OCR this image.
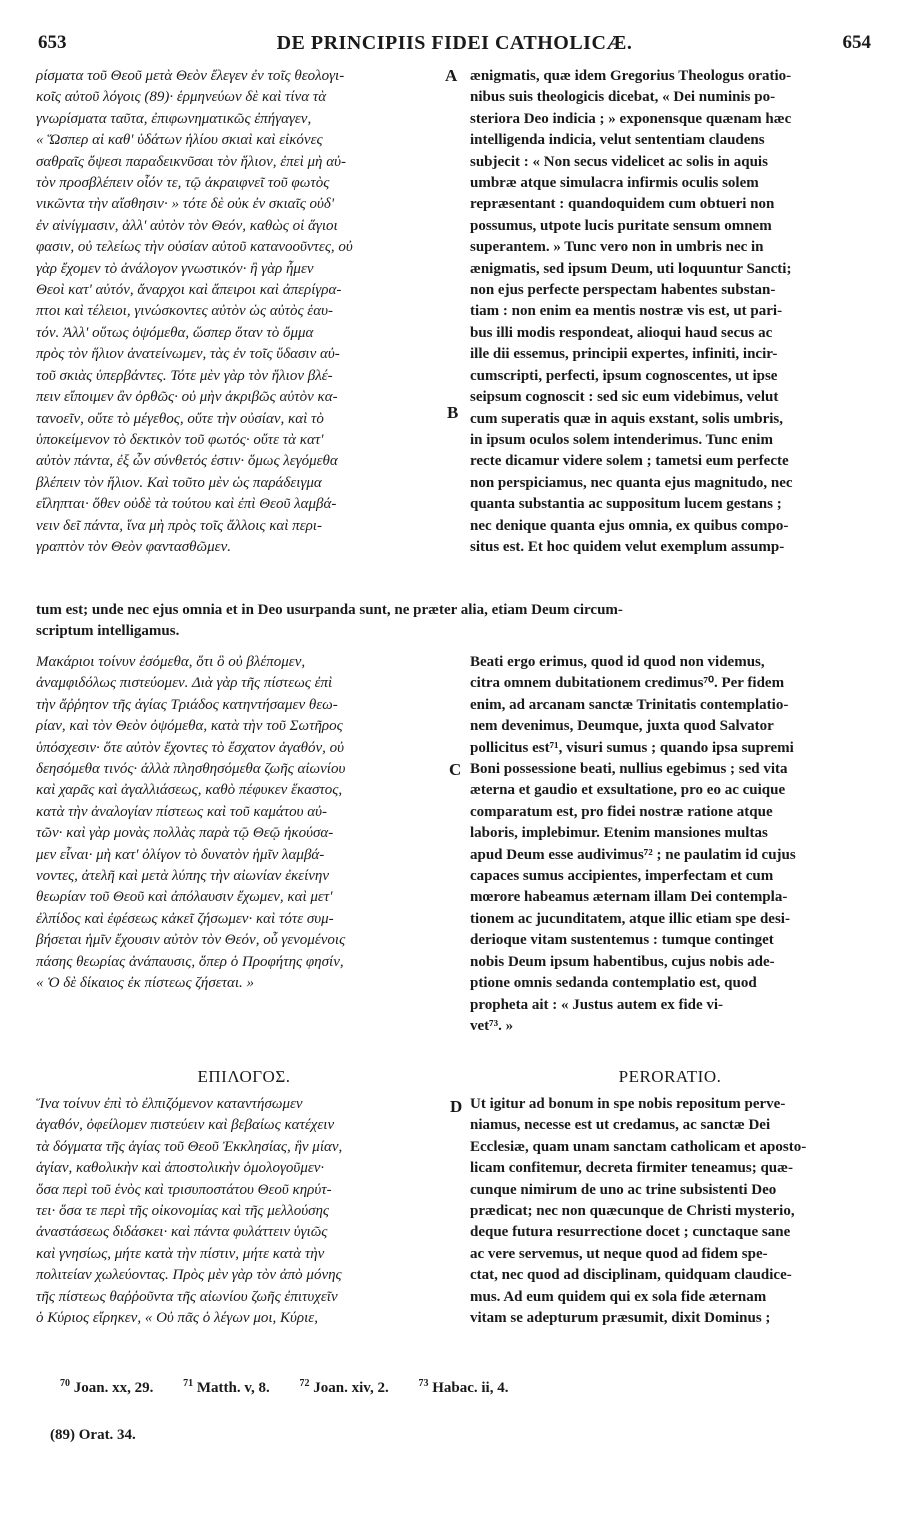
653	DE PRINCIPIIS FIDEI CATHOLICÆ.	654

ρίσματα τοῦ Θεοῦ μετὰ Θεὸν ἔλεγεν ἐν τοῖς θεολογι-
κοῖς αὐτοῦ λόγοις (89)· ἑρμηνεύων δὲ καὶ τίνα τὰ
γνωρίσματα ταῦτα, ἐπιφωνηματικῶς ἐπήγαγεν,
« Ὥσπερ αἱ καθ' ὑδάτων ἡλίου σκιαὶ καὶ εἰκόνες
σαθραῖς ὄψεσι παραδεικνῦσαι τὸν ἥλιον, ἐπεὶ μὴ αὐ-
τὸν προσβλέπειν οἷόν τε, τῷ ἀκραιφνεῖ τοῦ φωτὸς
νικῶντα τὴν αἴσθησιν· » τότε δὲ οὐκ ἐν σκιαῖς οὐδ'
ἐν αἰνίγμασιν, ἀλλ' αὐτὸν τὸν Θεόν, καθὼς οἱ ἅγιοι
φασιν, οὐ τελείως τὴν οὐσίαν αὐτοῦ κατανοοῦντες, οὐ
γὰρ ἔχομεν τὸ ἀνάλογον γνωστικόν· ἢ γὰρ ἦμεν
Θεοὶ κατ' αὐτόν, ἄναρχοι καὶ ἄπειροι καὶ ἀπερίγρα-
πτοι καὶ τέλειοι, γινώσκοντες αὐτὸν ὡς αὐτὸς ἑαυ-
τόν. Ἀλλ' οὕτως ὀψόμεθα, ὥσπερ ὅταν τὸ ὄμμα
πρὸς τὸν ἥλιον ἀνατείνωμεν, τὰς ἐν τοῖς ὕδασιν αὐ-
τοῦ σκιὰς ὑπερβάντες. Τότε μὲν γὰρ τὸν ἥλιον βλέ-
πειν εἴποιμεν ἂν ὀρθῶς· οὐ μὴν ἀκριβῶς αὐτὸν κα-
τανοεῖν, οὔτε τὸ μέγεθος, οὔτε τὴν οὐσίαν, καὶ τὸ
ὑποκείμενον τὸ δεκτικὸν τοῦ φωτός· οὔτε τὰ κατ'
αὐτὸν πάντα, ἐξ ὧν σύνθετός ἐστιν· ὅμως λεγόμεθα
βλέπειν τὸν ἥλιον. Καὶ τοῦτο μὲν ὡς παράδειγμα
εἴληπται· ὅθεν οὐδὲ τὰ τούτου καὶ ἐπὶ Θεοῦ λαμβά-
νειν δεῖ πάντα, ἵνα μὴ πρὸς τοῖς ἄλλοις καὶ περι-
γραπτὸν τὸν Θεὸν φαντασθῶμεν.

ænigmatis, quæ idem Gregorius Theologus oratio-
nibus suis theologicis dicebat, « Dei numinis po-
steriora Deo indicia ; » exponensque quænam hæc
intelligenda indicia, velut sententiam claudens
subjecit : « Non secus videlicet ac solis in aquis
umbræ atque simulacra infirmis oculis solem
repræsentant : quandoquidem cum obtueri non
possumus, utpote lucis puritate sensum omnem
superantem. » Tunc vero non in umbris nec in
ænigmatis, sed ipsum Deum, uti loquuntur Sancti;
non ejus perfecte perspectam habentes substan-
tiam : non enim ea mentis nostræ vis est, ut pari-
bus illi modis respondeat, alioqui haud secus ac
ille dii essemus, principii expertes, infiniti, incir-
cumscripti, perfecti, ipsum cognoscentes, ut ipse
seipsum cognoscit : sed sic eum videbimus, velut
cum superatis quæ in aquis exstant, solis umbris,
in ipsum oculos solem intenderimus. Tunc enim
recte dicamur videre solem ; tametsi eum perfecte
non perspiciamus, nec quanta ejus magnitudo, nec
quanta substantia ac suppositum lucem gestans ;
nec denique quanta ejus omnia, ex quibus compo-
situs est. Et hoc quidem velut exemplum assump-

A
B

tum est; unde nec ejus omnia et in Deo usurpanda sunt, ne præter alia, etiam Deum circum-
scriptum intelligamus.

Μακάριοι τοίνυν ἐσόμεθα, ὅτι ὃ οὐ βλέπομεν,
ἀναμφιδόλως πιστεύομεν. Διὰ γὰρ τῆς πίστεως ἐπὶ
τὴν ἄῤῥητον τῆς ἁγίας Τριάδος κατηντήσαμεν θεω-
ρίαν, καὶ τὸν Θεὸν ὀψόμεθα, κατὰ τὴν τοῦ Σωτῆρος
ὑπόσχεσιν· ὅτε αὐτὸν ἔχοντες τὸ ἔσχατον ἀγαθόν, οὐ
δεησόμεθα τινός· ἀλλὰ πλησθησόμεθα ζωῆς αἰωνίου
καὶ χαρᾶς καὶ ἀγαλλιάσεως, καθὸ πέφυκεν ἕκαστος,
κατὰ τὴν ἀναλογίαν πίστεως καὶ τοῦ καμάτου αὐ-
τῶν· καὶ γὰρ μονὰς πολλὰς παρὰ τῷ Θεῷ ἠκούσα-
μεν εἶναι· μὴ κατ' ὀλίγον τὸ δυνατὸν ἡμῖν λαμβά-
νοντες, ἀτελῆ καὶ μετὰ λύπης τὴν αἰωνίαν ἐκείνην
θεωρίαν τοῦ Θεοῦ καὶ ἀπόλαυσιν ἔχωμεν, καὶ μετ'
ἐλπίδος καὶ ἐφέσεως κἀκεῖ ζήσωμεν· καὶ τότε συμ-
βήσεται ἡμῖν ἔχουσιν αὐτὸν τὸν Θεόν, οὗ γενομένοις
πάσης θεωρίας ἀνάπαυσις, ὅπερ ὁ Προφήτης φησίν,
« Ὁ δὲ δίκαιος ἐκ πίστεως ζήσεται. »

Beati ergo erimus, quod id quod non videmus,
citra omnem dubitationem credimus⁷⁰. Per fidem
enim, ad arcanam sanctæ Trinitatis contemplatio-
nem devenimus, Deumque, juxta quod Salvator
pollicitus est⁷¹, visuri sumus ; quando ipsa supremi
Boni possessione beati, nullius egebimus ; sed vita
æterna et gaudio et exsultatione, pro eo ac cuique
comparatum est, pro fidei nostræ ratione atque
laboris, implebimur. Etenim mansiones multas
apud Deum esse audivimus⁷² ; ne paulatim id cujus
capaces sumus accipientes, imperfectam et cum
mœrore habeamus æternam illam Dei contempla-
tionem ac jucunditatem, atque illic etiam spe desi-
derioque vitam sustentemus : tumque continget
nobis Deum ipsum habentibus, cujus nobis ade-
ptione omnis sedanda contemplatio est, quod
propheta ait : « Justus autem ex fide vi-
vet⁷³. »

C
ΕΠΙΛΟΓΟΣ.	PERORATIO.

Ἵνα τοίνυν ἐπὶ τὸ ἐλπιζόμενον καταντήσωμεν
ἀγαθόν, ὀφείλομεν πιστεύειν καὶ βεβαίως κατέχειν
τὰ δόγματα τῆς ἁγίας τοῦ Θεοῦ Ἐκκλησίας, ἣν μίαν,
ἁγίαν, καθολικὴν καὶ ἀποστολικὴν ὁμολογοῦμεν·
ὅσα περὶ τοῦ ἑνὸς καὶ τρισυποστάτου Θεοῦ κηρύτ-
τει· ὅσα τε περὶ τῆς οἰκονομίας καὶ τῆς μελλούσης
ἀναστάσεως διδάσκει· καὶ πάντα φυλάττειν ὑγιῶς
καὶ γνησίως, μήτε κατὰ τὴν πίστιν, μήτε κατὰ τὴν
πολιτείαν χωλεύοντας. Πρὸς μὲν γὰρ τὸν ἀπὸ μόνης
τῆς πίστεως θαῤῥοῦντα τῆς αἰωνίου ζωῆς ἐπιτυχεῖν
ὁ Κύριος εἴρηκεν, « Οὐ πᾶς ὁ λέγων μοι, Κύριε,

Ut igitur ad bonum in spe nobis repositum perve-
niamus, necesse est ut credamus, ac sanctæ Dei
Ecclesiæ, quam unam sanctam catholicam et aposto-
licam confitemur, decreta firmiter teneamus; quæ-
cunque nimirum de uno ac trine subsistenti Deo
prædicat; nec non quæcunque de Christi mysterio,
deque futura resurrectione docet ; cunctaque sane
ac vere servemus, ut neque quod ad fidem spe-
ctat, nec quod ad disciplinam, quidquam claudice-
mus. Ad eum quidem qui ex sola fide æternam
vitam se adepturum præsumit, dixit Dominus ;

D
$^{70}$ Joan. xx, 29.	$^{71}$ Matth. v, 8.	$^{72}$ Joan. xiv, 2.	$^{73}$ Habac. ii, 4.
(89) Orat. 34.
